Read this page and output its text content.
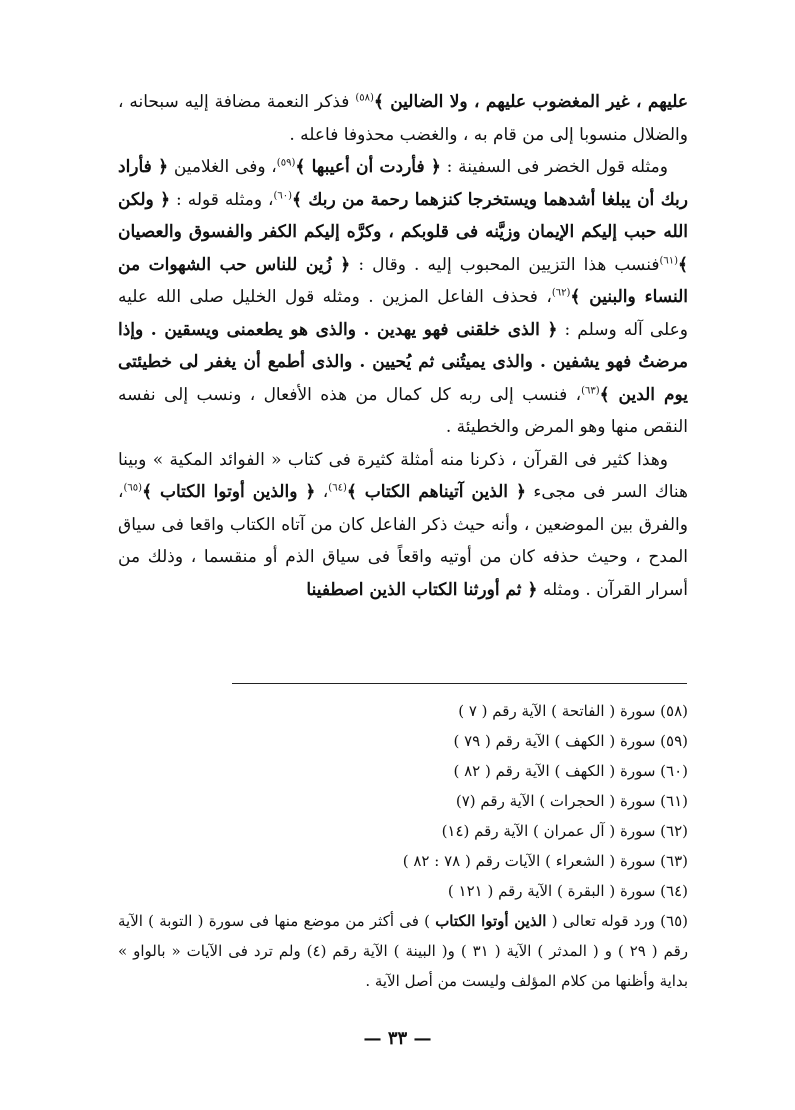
عليهم ، غير المغضوب عليهم ، ولا الضالين ﴾$^{(٥٨)}$ فذكر النعمة مضافة إليه سبحانه ، والضلال منسوبا إلى من قام به ، والغضب محذوفا فاعله .

ومثله قول الخضر فى السفينة : ﴿ فأردت أن أعيبها ﴾$^{(٥٩)}$، وفى الغلامين ﴿ فأراد ربك أن يبلغا أشدهما ويستخرجا كنزهما رحمة من ربك ﴾$^{(٦٠)}$، ومثله قوله : ﴿ ولكن الله حبب إليكم الإيمان وزيَّنه فى قلوبكم ، وكرَّه إليكم الكفر والفسوق والعصيان ﴾$^{(٦١)}$فنسب هذا التزيين المحبوب إليه . وقال : ﴿ زُين للناس حب الشهوات من النساء والبنين ﴾$^{(٦٢)}$، فحذف الفاعل المزين . ومثله قول الخليل صلى الله عليه وعلى آله وسلم : ﴿ الذى خلقنى فهو يهدين . والذى هو يطعمنى ويسقين . وإذا مرضتُ فهو يشفين . والذى يميتُنى ثم يُحيين . والذى أطمع أن يغفر لى خطيئتى يوم الدين ﴾$^{(٦٣)}$، فنسب إلى ربه كل كمال من هذه الأفعال ، ونسب إلى نفسه النقص منها وهو المرض والخطيئة .

وهذا كثير فى القرآن ، ذكرنا منه أمثلة كثيرة فى كتاب « الفوائد المكية » وبينا هناك السر فى مجىء ﴿ الذين آتيناهم الكتاب ﴾$^{(٦٤)}$، ﴿ والذين أوتوا الكتاب ﴾$^{(٦٥)}$، والفرق بين الموضعين ، وأنه حيث ذكر الفاعل كان من آتاه الكتاب واقعا فى سياق المدح ، وحيث حذفه كان من أوتيه واقعاً فى سياق الذم أو منقسما ، وذلك من أسرار القرآن . ومثله ﴿ ثم أورثنا الكتاب الذين اصطفينا

(٥٨) سورة ( الفاتحة ) الآية رقم ( ٧ )
(٥٩) سورة ( الكهف ) الآية رقم ( ٧٩ )
(٦٠) سورة ( الكهف ) الآية رقم ( ٨٢ )
(٦١) سورة ( الحجرات ) الآية رقم (٧)
(٦٢) سورة ( آل عمران ) الآية رقم (١٤)
(٦٣) سورة ( الشعراء ) الآيات رقم ( ٧٨ : ٨٢ )
(٦٤) سورة ( البقرة ) الآية رقم ( ١٢١ )
(٦٥) ورد قوله تعالى ( الذين أوتوا الكتاب ) فى أكثر من موضع منها فى سورة ( التوبة ) الآية رقم ( ٢٩ ) و ( المدثر ) الآية ( ٣١ ) و( البينة ) الآية رقم (٤) ولم ترد فى الآيات « بالواو » بداية وأظنها من كلام المؤلف وليست من أصل الآية .
— ٣٣ —
